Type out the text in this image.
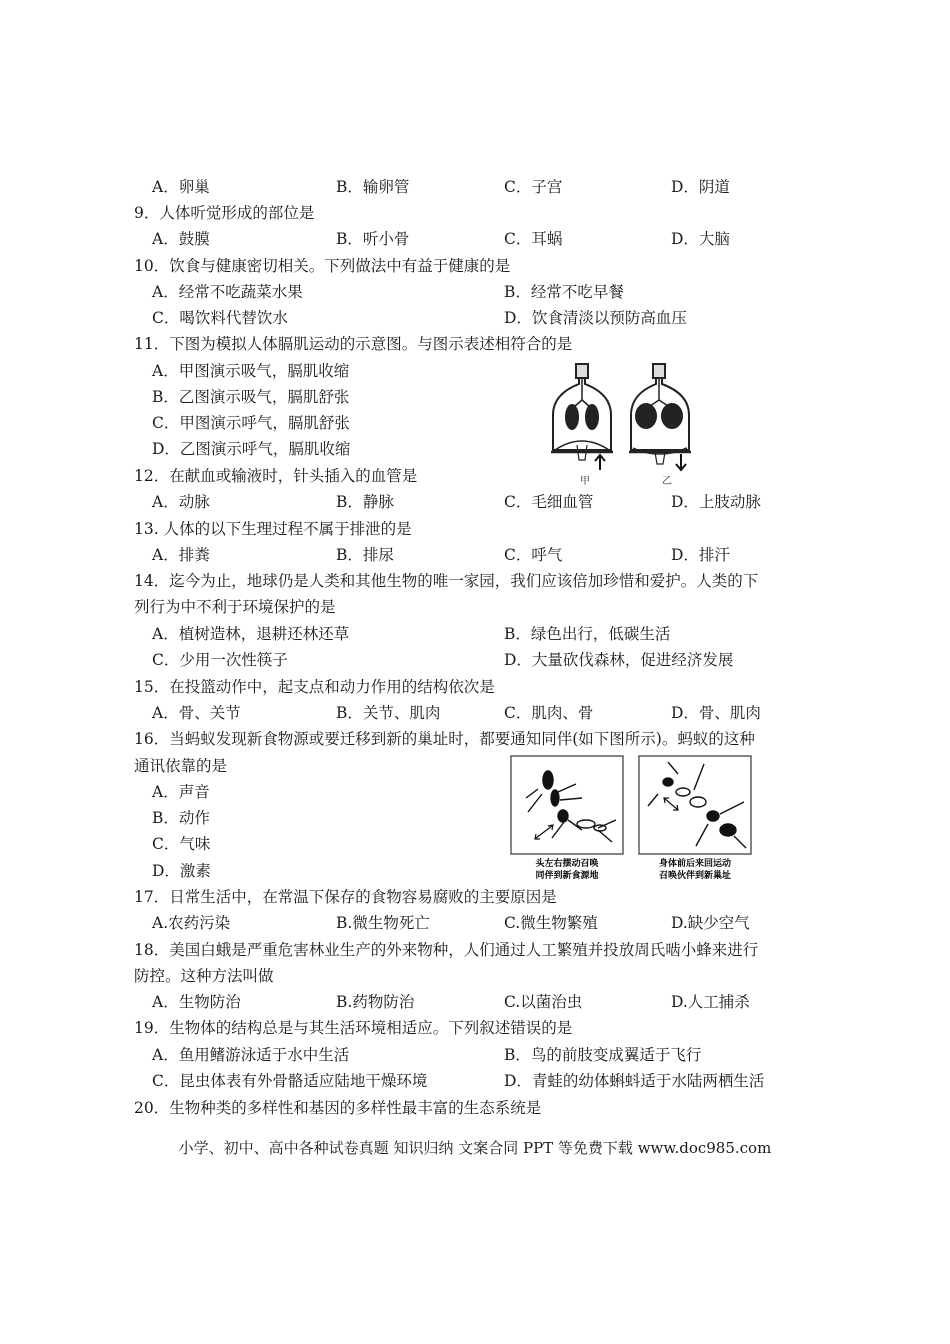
A．卵巢	B．输卵管	C．子宫	D．阴道
9．人体听觉形成的部位是
A．鼓膜	B．听小骨	C．耳蜗	D．大脑
10．饮食与健康密切相关。下列做法中有益于健康的是
A．经常不吃蔬菜水果	B．经常不吃早餐
C．喝饮料代替饮水	D．饮食清淡以预防高血压
11．下图为模拟人体膈肌运动的示意图。与图示表述相符合的是
A．甲图演示吸气，膈肌收缩
B．乙图演示吸气，膈肌舒张
C．甲图演示呼气，膈肌舒张
D．乙图演示呼气，膈肌收缩
甲	乙
12．在献血或输液时，针头插入的血管是
A．动脉	B．静脉	C．毛细血管	D．上肢动脉
13. 人体的以下生理过程不属于排泄的是
A．排粪	B．排尿	C．呼气	D．排汗
14．迄今为止，地球仍是人类和其他生物的唯一家园，我们应该倍加珍惜和爱护。人类的下
列行为中不利于环境保护的是
A．植树造林，退耕还林还草	B．绿色出行，低碳生活
C．少用一次性筷子	D．大量砍伐森林，促进经济发展
15．在投篮动作中，起支点和动力作用的结构依次是
A．骨、关节	B．关节、肌肉	C．肌肉、骨	D．骨、肌肉
16．当蚂蚁发现新食物源或要迁移到新的巢址时，都要通知同伴(如下图所示)。蚂蚁的这种
通讯依靠的是
A．声音
B．动作
C．气味
D．激素	头左右摆动召唤
同伴到新食源地
身体前后来回运动
召唤伙伴到新巢址
17．日常生活中，在常温下保存的食物容易腐败的主要原因是
A.农药污染	B.微生物死亡	C.微生物繁殖	D.缺少空气
18．美国白蛾是严重危害林业生产的外来物种，人们通过人工繁殖并投放周氏啮小蜂来进行
防控。这种方法叫做
A．生物防治	B.药物防治	C.以菌治虫	D.人工捕杀
19．生物体的结构总是与其生活环境相适应。下列叙述错误的是
A．鱼用鳍游泳适于水中生活	B．鸟的前肢变成翼适于飞行
C．昆虫体表有外骨骼适应陆地干燥环境	D．青蛙的幼体蝌蚪适于水陆两栖生活
20．生物种类的多样性和基因的多样性最丰富的生态系统是
小学、初中、高中各种试卷真题 知识归纳 文案合同 PPT 等免费下载 www.doc985.com
